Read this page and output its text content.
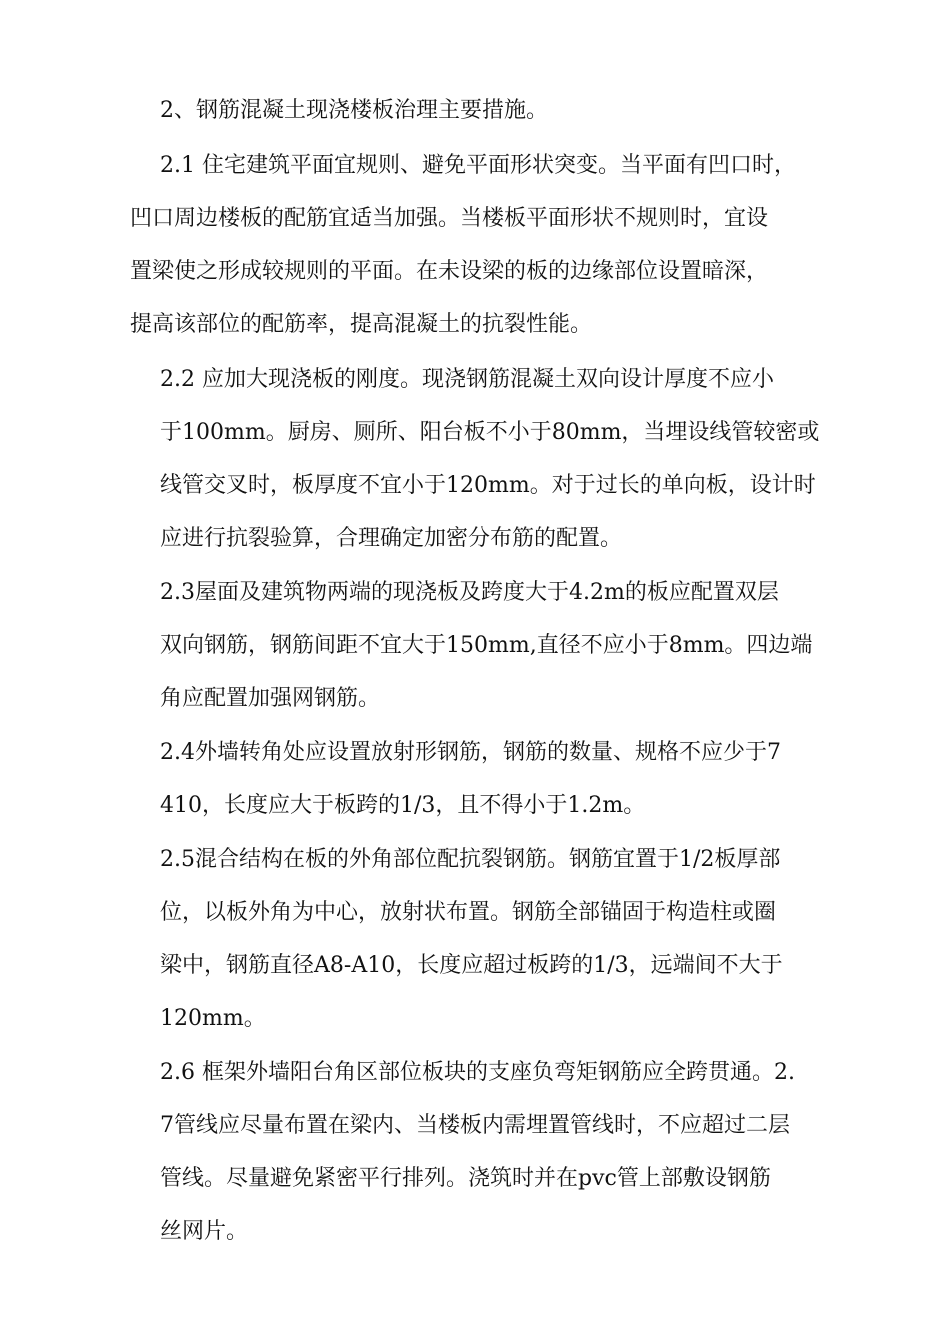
2、钢筋混凝土现浇楼板治理主要措施。
2.1 住宅建筑平面宜规则、避免平面形状突变。当平面有凹口时，
凹口周边楼板的配筋宜适当加强。当楼板平面形状不规则时，宜设
置梁使之形成较规则的平面。在未设梁的板的边缘部位设置暗深，
提高该部位的配筋率，提高混凝土的抗裂性能。
2.2 应加大现浇板的刚度。现浇钢筋混凝土双向设计厚度不应小
于100mm。厨房、厕所、阳台板不小于80mm，当埋设线管较密或
线管交叉时，板厚度不宜小于120mm。对于过长的单向板，设计时
应进行抗裂验算，合理确定加密分布筋的配置。
2.3屋面及建筑物两端的现浇板及跨度大于4.2m的板应配置双层
双向钢筋，钢筋间距不宜大于150mm,直径不应小于8mm。四边端
角应配置加强网钢筋。
2.4外墙转角处应设置放射形钢筋，钢筋的数量、规格不应少于7
410，长度应大于板跨的1/3，且不得小于1.2m。
2.5混合结构在板的外角部位配抗裂钢筋。钢筋宜置于1/2板厚部
位，以板外角为中心，放射状布置。钢筋全部锚固于构造柱或圈
梁中，钢筋直径A8-A10，长度应超过板跨的1/3，远端间不大于
120mm。
2.6 框架外墙阳台角区部位板块的支座负弯矩钢筋应全跨贯通。2.
7管线应尽量布置在梁内、当楼板内需埋置管线时，不应超过二层
管线。尽量避免紧密平行排列。浇筑时并在pvc管上部敷设钢筋
丝网片。
